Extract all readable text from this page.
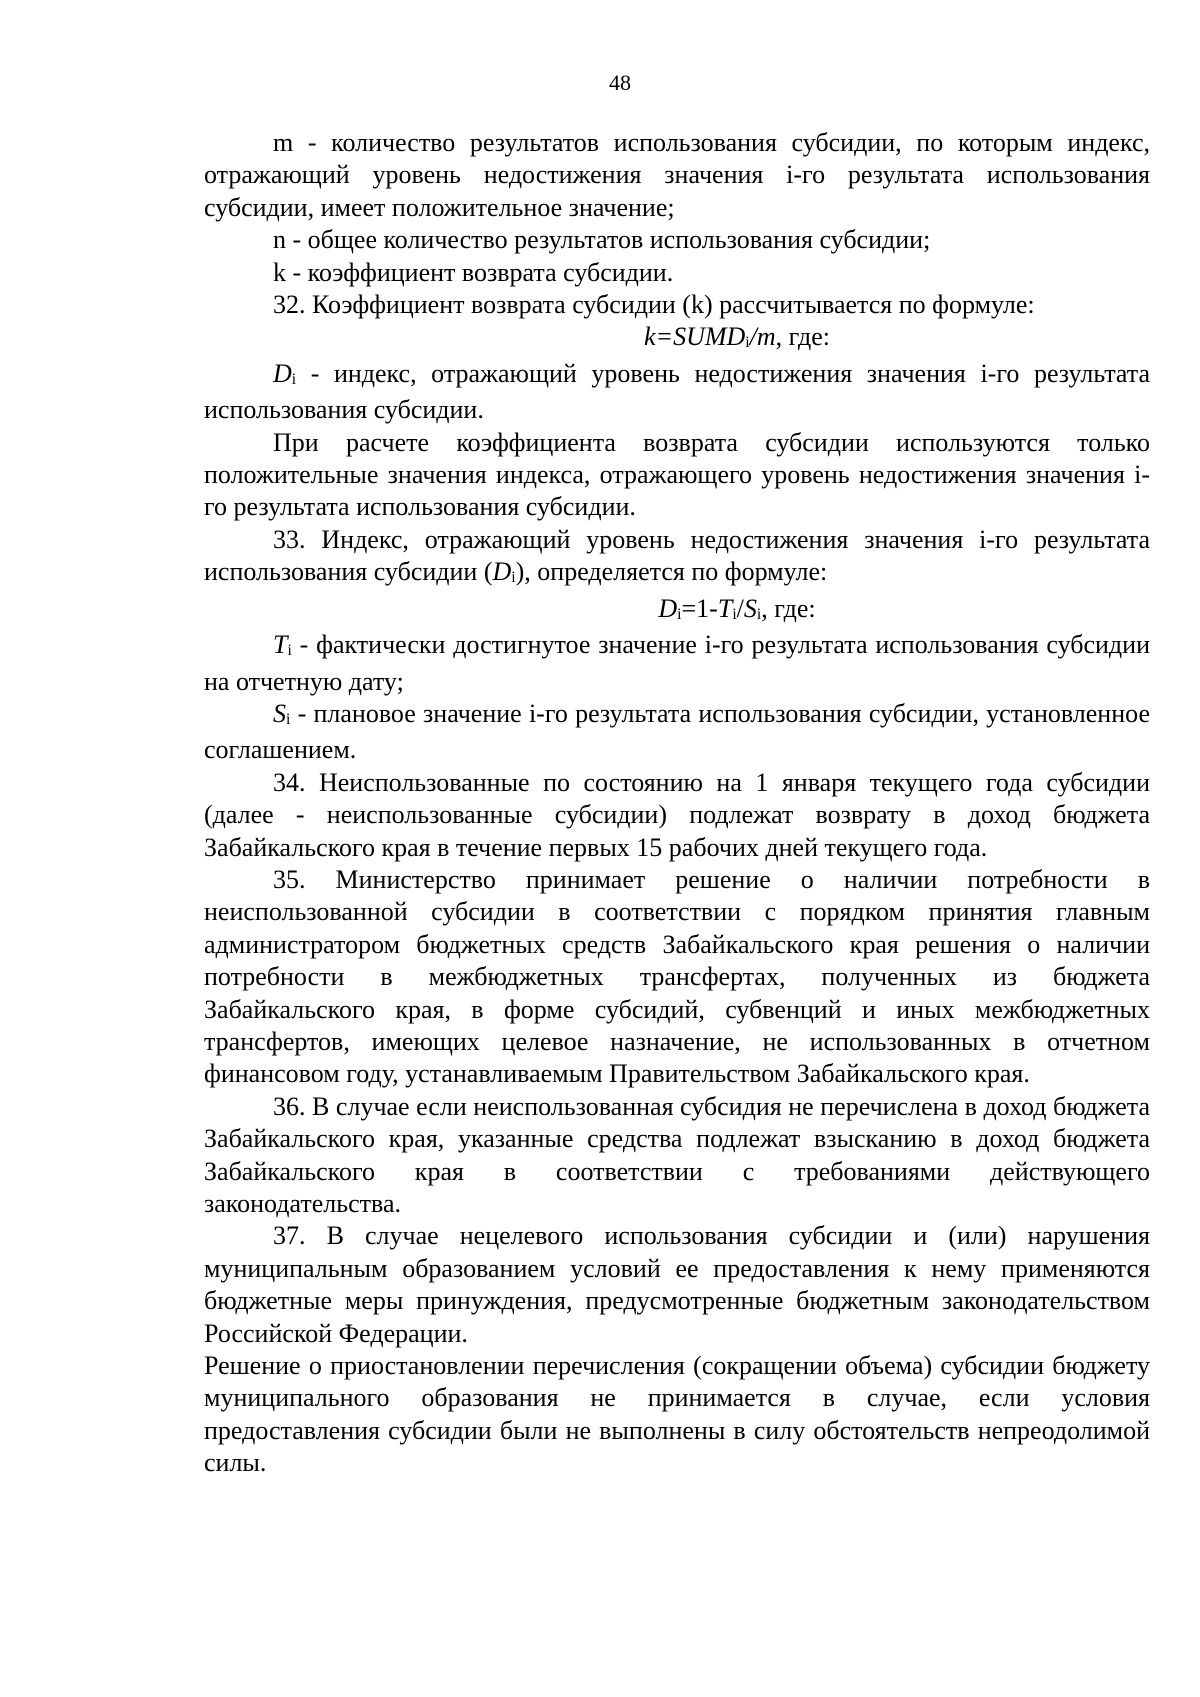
48

m - количество результатов использования субсидии, по которым индекс, отражающий уровень недостижения значения i-го результата использования субсидии, имеет положительное значение;

n - общее количество результатов использования субсидии;

k - коэффициент возврата субсидии.

32. Коэффициент возврата субсидии (k) рассчитывается по формуле:

$k=SUMD_i/m$, где:

$D_i$ - индекс, отражающий уровень недостижения значения i-го результата использования субсидии.

При расчете коэффициента возврата субсидии используются только положительные значения индекса, отражающего уровень недостижения значения i-го результата использования субсидии.

33. Индекс, отражающий уровень недостижения значения i-го результата использования субсидии $(D_i)$, определяется по формуле:

$D_i=1-T_i/S_i$, где:

$T_i$ - фактически достигнутое значение i-го результата использования субсидии на отчетную дату;

$S_i$ - плановое значение i-го результата использования субсидии, установленное соглашением.

34. Неиспользованные по состоянию на 1 января текущего года субсидии (далее - неиспользованные субсидии) подлежат возврату в доход бюджета Забайкальского края в течение первых 15 рабочих дней текущего года.

35. Министерство принимает решение о наличии потребности в неиспользованной субсидии в соответствии с порядком принятия главным администратором бюджетных средств Забайкальского края решения о наличии потребности в межбюджетных трансфертах, полученных из бюджета Забайкальского края, в форме субсидий, субвенций и иных межбюджетных трансфертов, имеющих целевое назначение, не использованных в отчетном финансовом году, устанавливаемым Правительством Забайкальского края.

36. В случае если неиспользованная субсидия не перечислена в доход бюджета Забайкальского края, указанные средства подлежат взысканию в доход бюджета Забайкальского края в соответствии с требованиями действующего законодательства.

37. В случае нецелевого использования субсидии и (или) нарушения муниципальным образованием условий ее предоставления к нему применяются бюджетные меры принуждения, предусмотренные бюджетным законодательством Российской Федерации.

Решение о приостановлении перечисления (сокращении объема) субсидии бюджету муниципального образования не принимается в случае, если условия предоставления субсидии были не выполнены в силу обстоятельств непреодолимой силы.
